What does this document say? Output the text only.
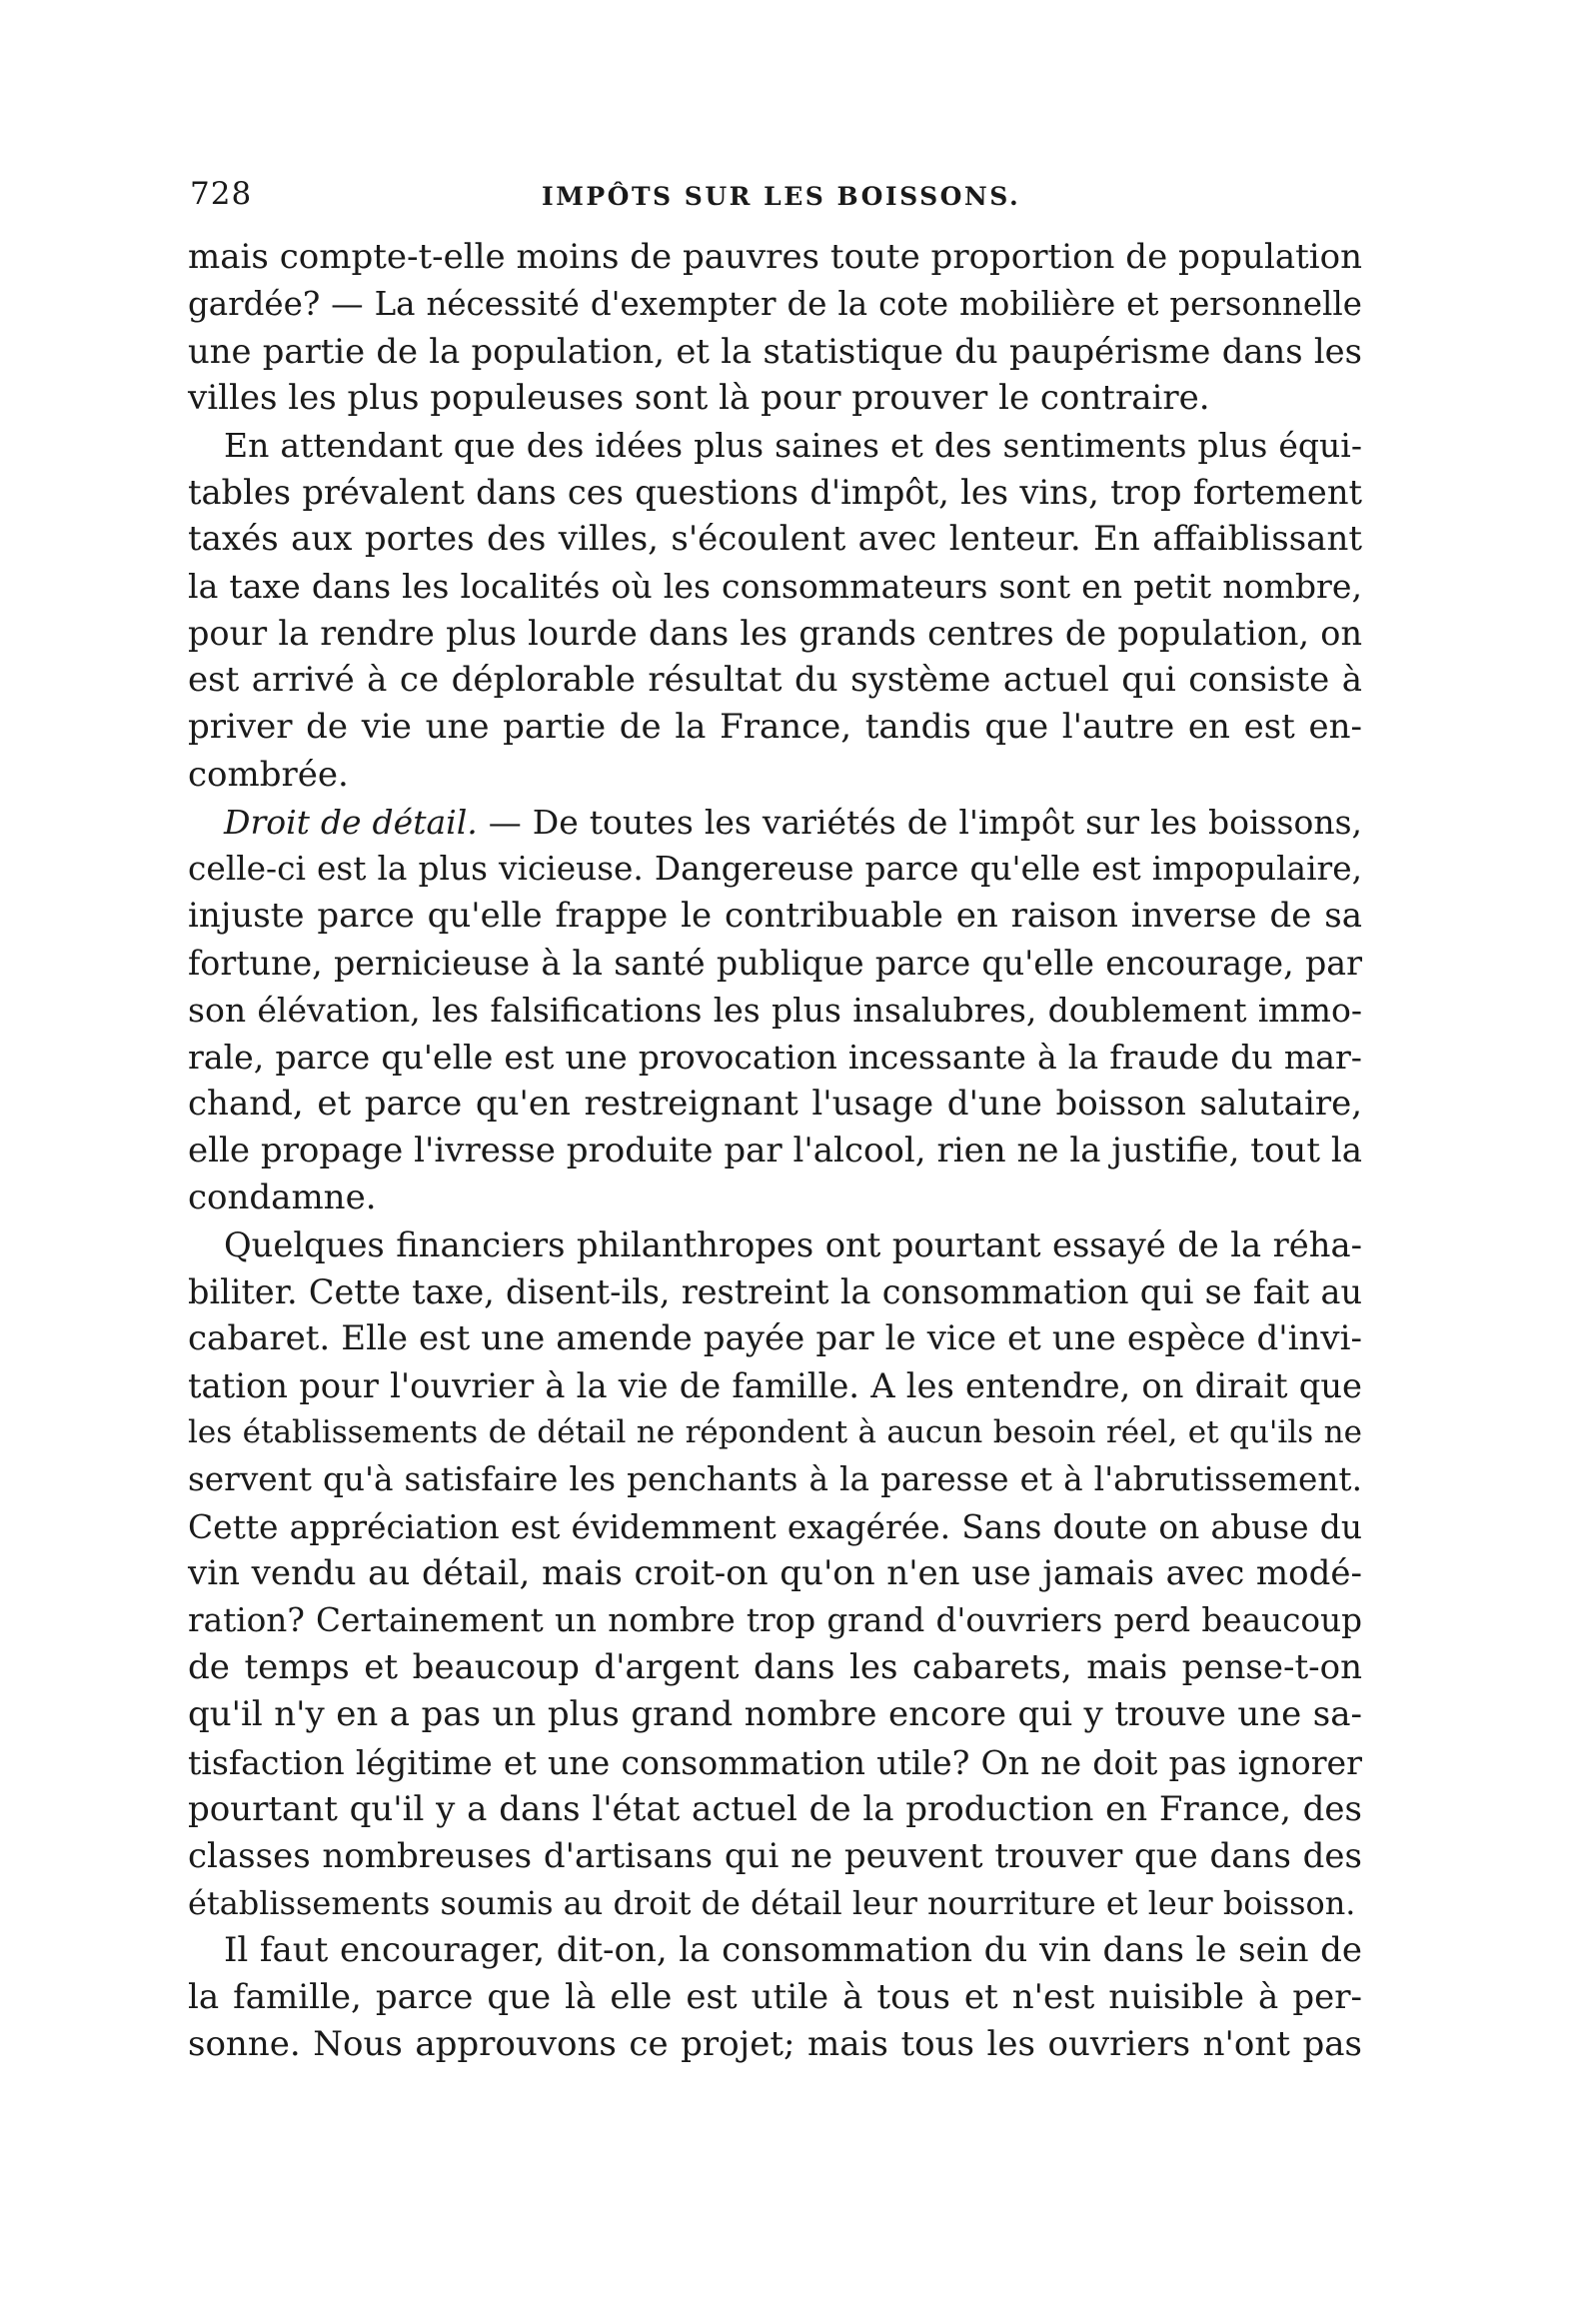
728	IMPÔTS SUR LES BOISSONS.
mais compte-t-elle moins de pauvres toute proportion de population
gardée? — La nécessité d'exempter de la cote mobilière et personnelle
une partie de la population, et la statistique du paupérisme dans les
villes les plus populeuses sont là pour prouver le contraire.
En attendant que des idées plus saines et des sentiments plus équi-
tables prévalent dans ces questions d'impôt, les vins, trop fortement
taxés aux portes des villes, s'écoulent avec lenteur. En affaiblissant
la taxe dans les localités où les consommateurs sont en petit nombre,
pour la rendre plus lourde dans les grands centres de population, on
est arrivé à ce déplorable résultat du système actuel qui consiste à
priver de vie une partie de la France, tandis que l'autre en est en-
combrée.
Droit de détail. — De toutes les variétés de l'impôt sur les boissons,
celle-ci est la plus vicieuse. Dangereuse parce qu'elle est impopulaire,
injuste parce qu'elle frappe le contribuable en raison inverse de sa
fortune, pernicieuse à la santé publique parce qu'elle encourage, par
son élévation, les falsifications les plus insalubres, doublement immo-
rale, parce qu'elle est une provocation incessante à la fraude du mar-
chand, et parce qu'en restreignant l'usage d'une boisson salutaire,
elle propage l'ivresse produite par l'alcool, rien ne la justifie, tout la
condamne.
Quelques financiers philanthropes ont pourtant essayé de la réha-
biliter. Cette taxe, disent-ils, restreint la consommation qui se fait au
cabaret. Elle est une amende payée par le vice et une espèce d'invi-
tation pour l'ouvrier à la vie de famille. A les entendre, on dirait que
les établissements de détail ne répondent à aucun besoin réel, et qu'ils ne
servent qu'à satisfaire les penchants à la paresse et à l'abrutissement.
Cette appréciation est évidemment exagérée. Sans doute on abuse du
vin vendu au détail, mais croit-on qu'on n'en use jamais avec modé-
ration? Certainement un nombre trop grand d'ouvriers perd beaucoup
de temps et beaucoup d'argent dans les cabarets, mais pense-t-on
qu'il n'y en a pas un plus grand nombre encore qui y trouve une sa-
tisfaction légitime et une consommation utile? On ne doit pas ignorer
pourtant qu'il y a dans l'état actuel de la production en France, des
classes nombreuses d'artisans qui ne peuvent trouver que dans des
établissements soumis au droit de détail leur nourriture et leur boisson.
Il faut encourager, dit-on, la consommation du vin dans le sein de
la famille, parce que là elle est utile à tous et n'est nuisible à per-
sonne. Nous approuvons ce projet; mais tous les ouvriers n'ont pas
